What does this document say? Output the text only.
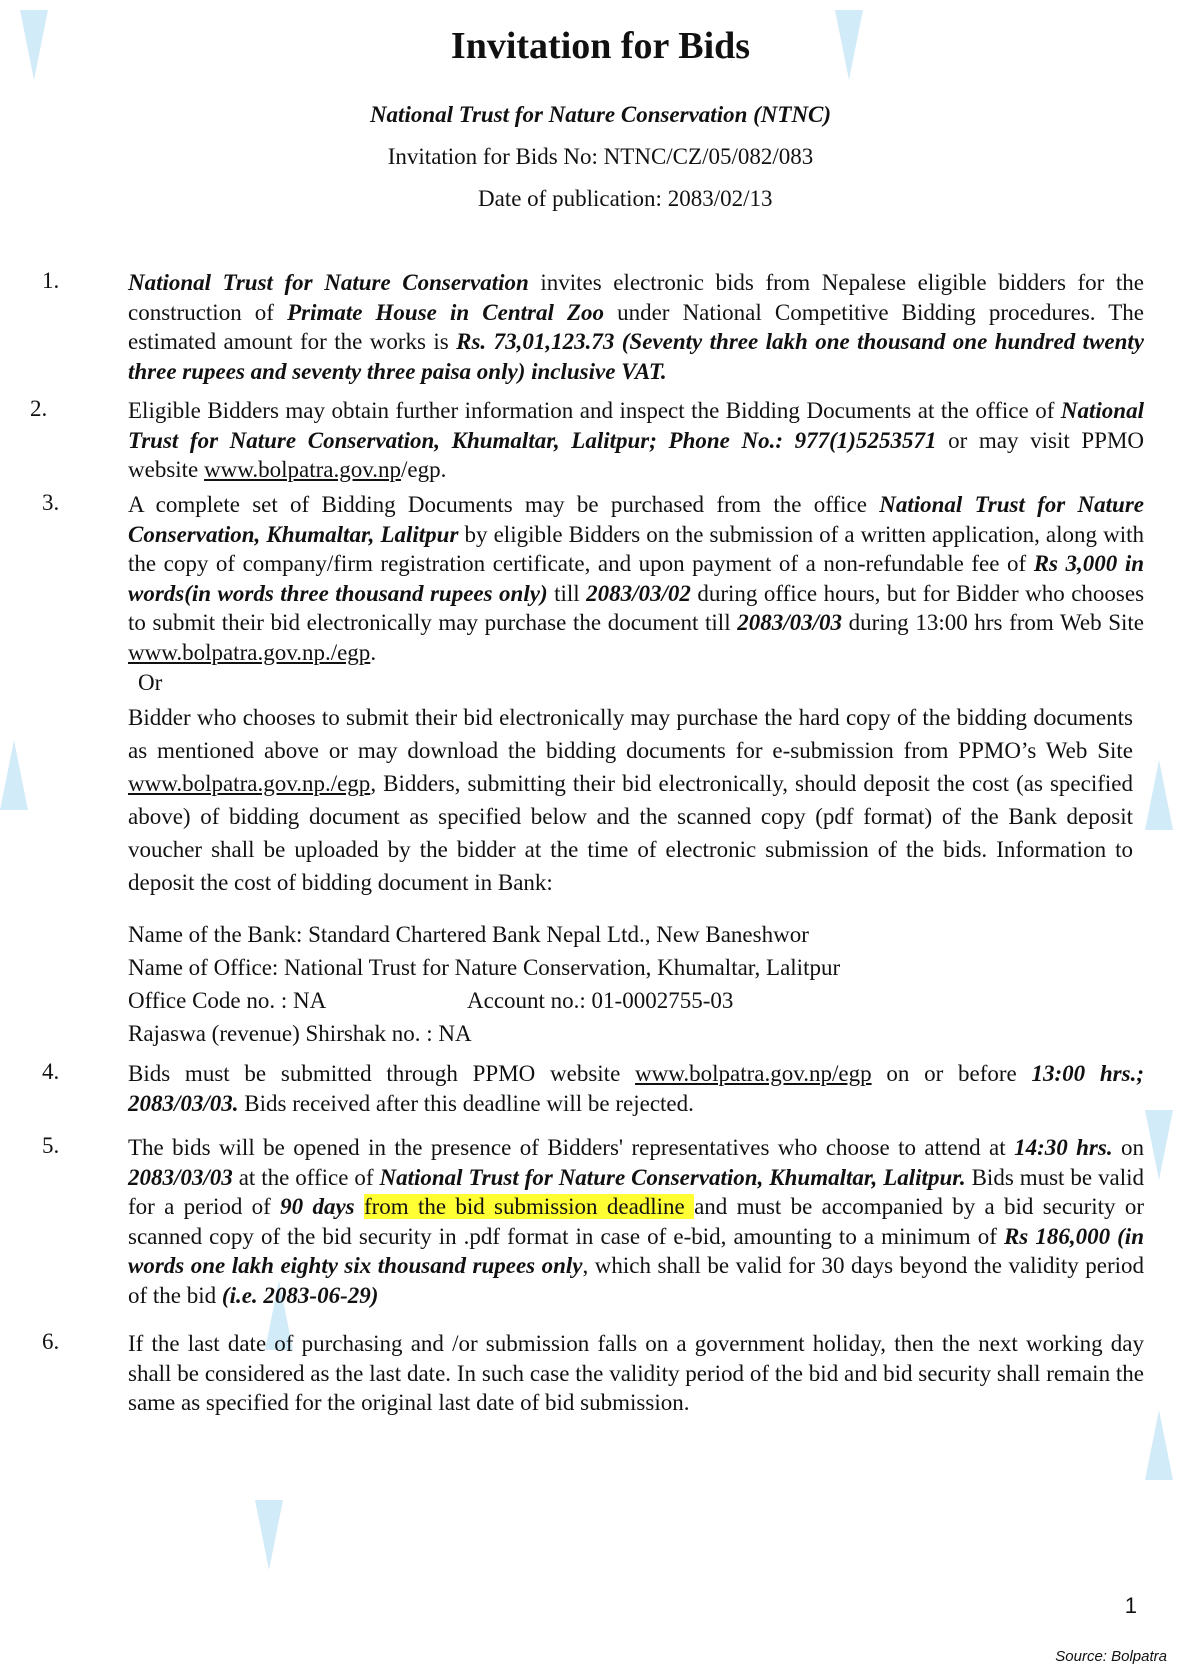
Invitation for Bids
National Trust for Nature Conservation (NTNC)
Invitation for Bids No: NTNC/CZ/05/082/083
Date of publication: 2083/02/13
1.	National Trust for Nature Conservation invites electronic bids from Nepalese eligible bidders for the construction of Primate House in Central Zoo under National Competitive Bidding procedures. The estimated amount for the works is Rs. 73,01,123.73 (Seventy three lakh one thousand one hundred twenty three rupees and seventy three paisa only) inclusive VAT.
2.	Eligible Bidders may obtain further information and inspect the Bidding Documents at the office of National Trust for Nature Conservation, Khumaltar, Lalitpur; Phone No.: 977(1)5253571 or may visit PPMO website www.bolpatra.gov.np/egp.
3.	A complete set of Bidding Documents may be purchased from the office National Trust for Nature Conservation, Khumaltar, Lalitpur by eligible Bidders on the submission of a written application, along with the copy of company/firm registration certificate, and upon payment of a non-refundable fee of Rs 3,000 in words(in words three thousand rupees only) till 2083/03/02 during office hours, but for Bidder who chooses to submit their bid electronically may purchase the document till 2083/03/03 during 13:00 hrs from Web Site www.bolpatra.gov.np./egp.
Or
Bidder who chooses to submit their bid electronically may purchase the hard copy of the bidding documents as mentioned above or may download the bidding documents for e-submission from PPMO’s Web Site www.bolpatra.gov.np./egp, Bidders, submitting their bid electronically, should deposit the cost (as specified above) of bidding document as specified below and the scanned copy (pdf format) of the Bank deposit voucher shall be uploaded by the bidder at the time of electronic submission of the bids. Information to deposit the cost of bidding document in Bank:
Name of the Bank: Standard Chartered Bank Nepal Ltd., New Baneshwor
Name of Office: National Trust for Nature Conservation, Khumaltar, Lalitpur
Office Code no. : NA	Account no.: 01-0002755-03
Rajaswa (revenue) Shirshak no. : NA
4.	Bids must be submitted through PPMO website www.bolpatra.gov.np/egp on or before 13:00 hrs.; 2083/03/03. Bids received after this deadline will be rejected.
5.	The bids will be opened in the presence of Bidders' representatives who choose to attend at 14:30 hrs. on 2083/03/03 at the office of National Trust for Nature Conservation, Khumaltar, Lalitpur. Bids must be valid for a period of 90 days from the bid submission deadline and must be accompanied by a bid security or scanned copy of the bid security in .pdf format in case of e-bid, amounting to a minimum of Rs 186,000 (in words one lakh eighty six thousand rupees only, which shall be valid for 30 days beyond the validity period of the bid (i.e. 2083-06-29)
6.	If the last date of purchasing and /or submission falls on a government holiday, then the next working day shall be considered as the last date. In such case the validity period of the bid and bid security shall remain the same as specified for the original last date of bid submission.
1
Source: Bolpatra
